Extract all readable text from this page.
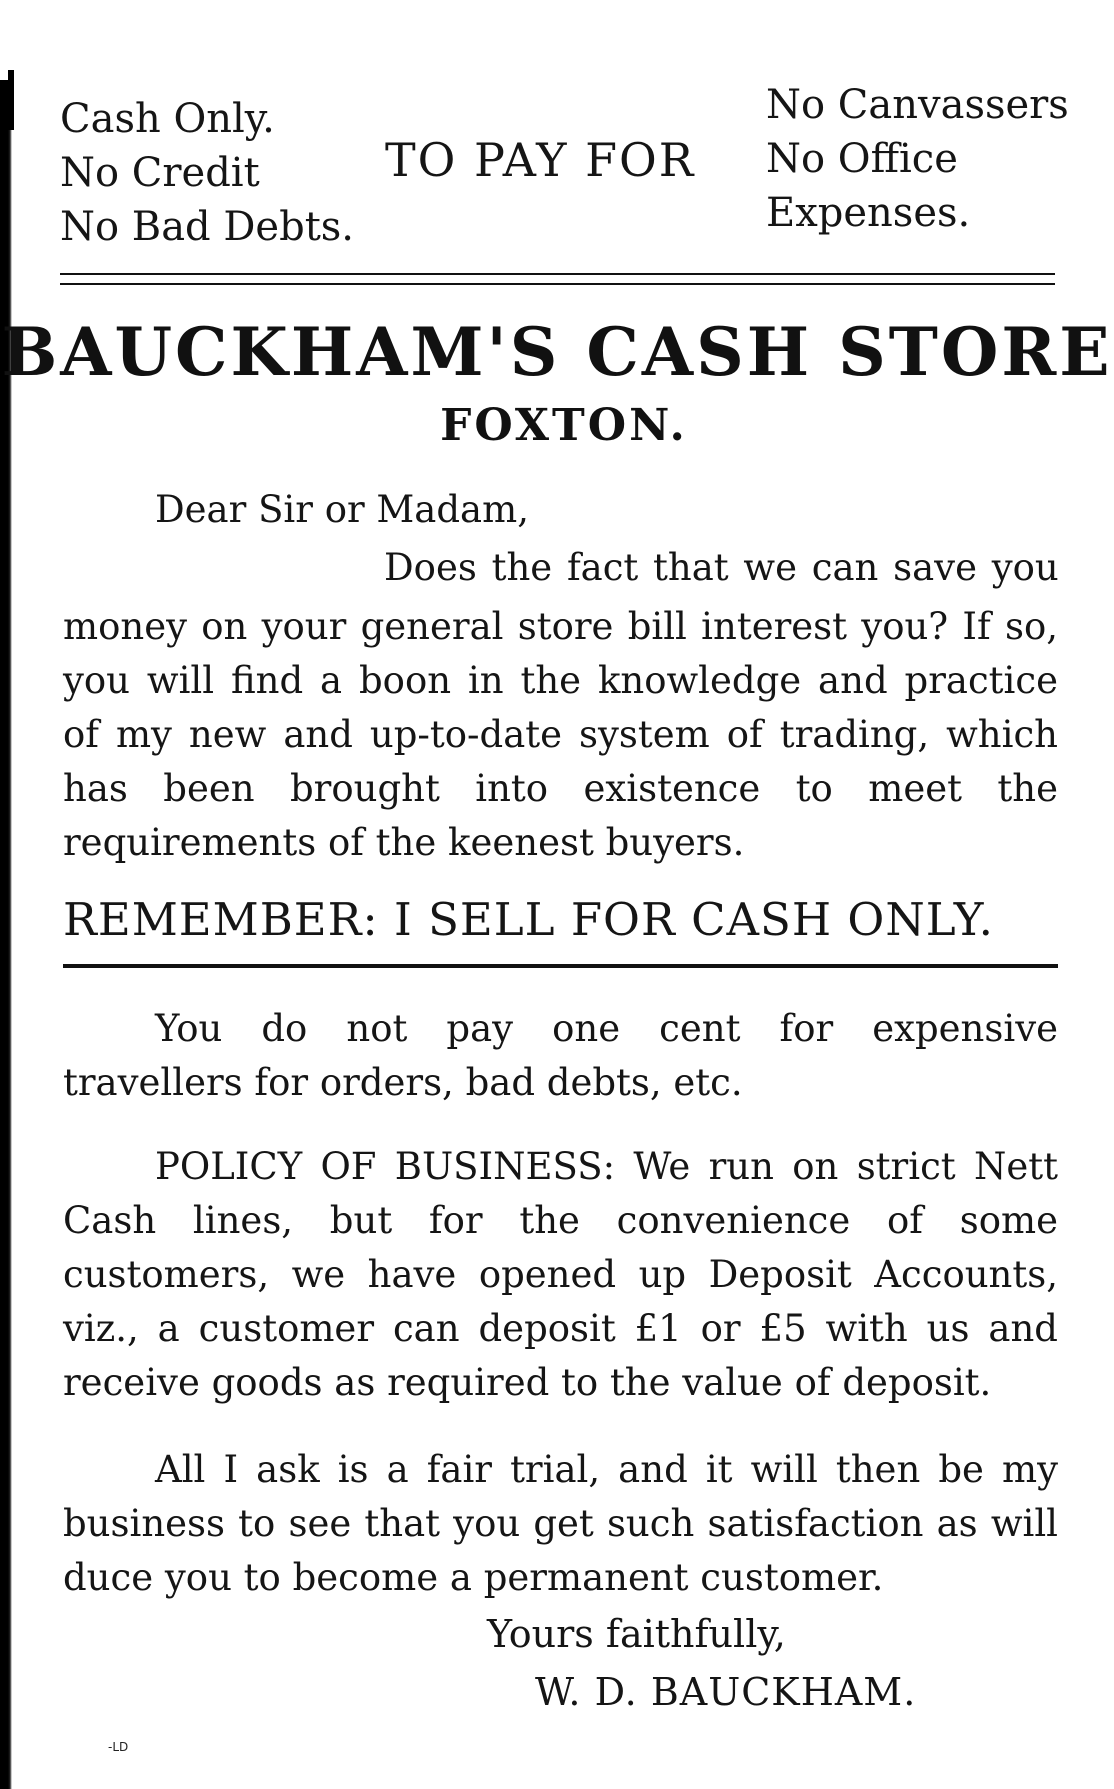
Cash Only.
No Credit
No Bad Debts.
TO PAY FOR
No Canvassers
No Office
Expenses.
BAUCKHAM'S CASH STORE
FOXTON.
Dear Sir or Madam,
Does the fact that we can save you
money on your general store bill interest you? If so, you will find a boon in the knowledge and practice of my new and up-to-date system of trading, which has been brought into existence to meet the requirements of the keenest buyers.
REMEMBER: I SELL FOR CASH ONLY.
You do not pay one cent for expensive travellers for orders, bad debts, etc.
POLICY OF BUSINESS: We run on strict Nett Cash lines, but for the convenience of some customers, we have opened up Deposit Accounts, viz., a customer can deposit £1 or £5 with us and receive goods as required to the value of deposit.
All I ask is a fair trial, and it will then be my business to see that you get such satisfaction as will duce you to become a permanent customer.
Yours faithfully,
W. D. BAUCKHAM.
-LD
